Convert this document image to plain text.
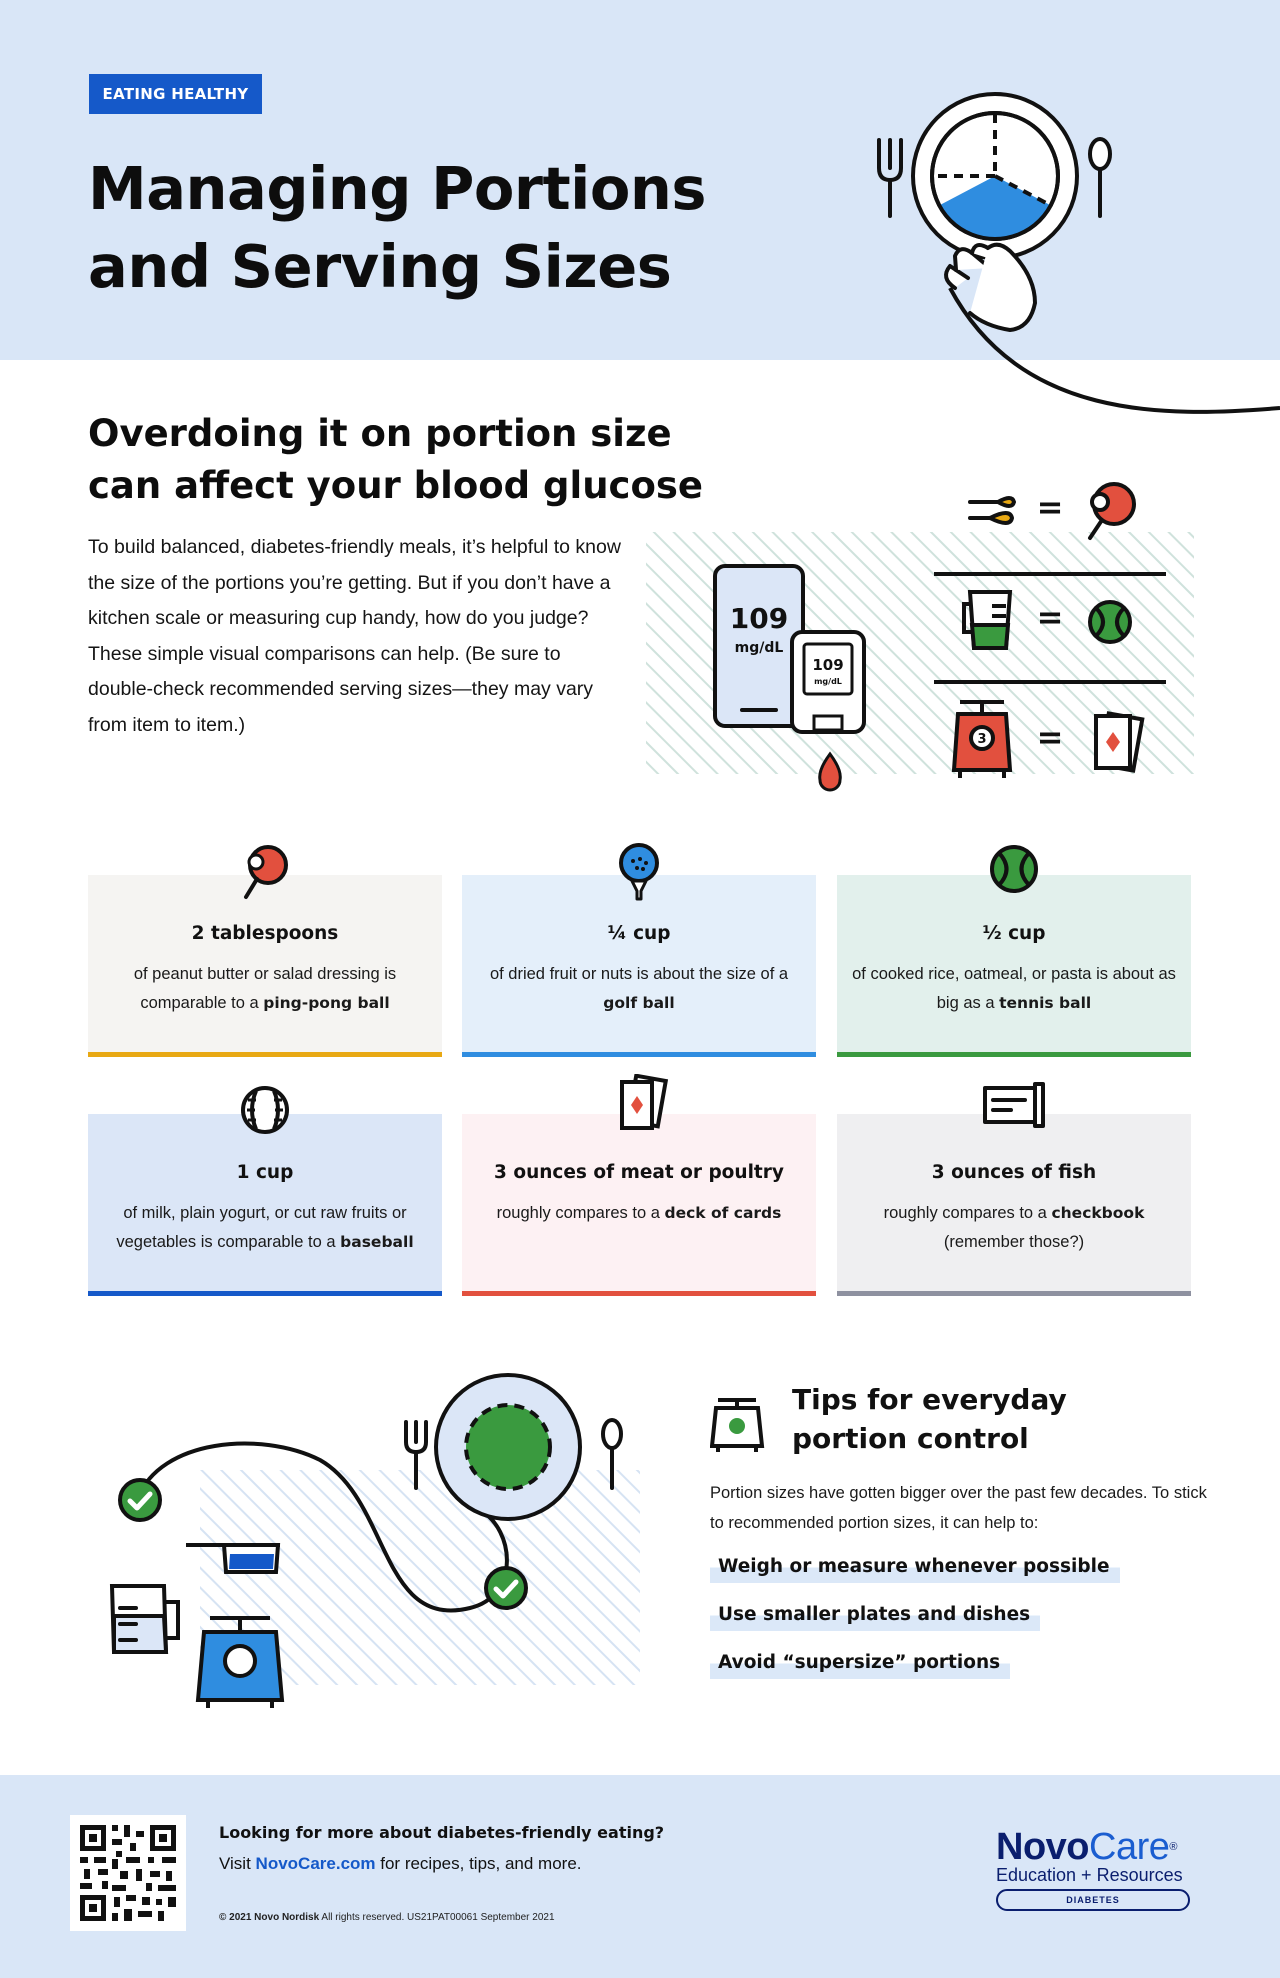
EATING HEALTHY
Managing Portions
and Serving Sizes
Overdoing it on portion size
can affect your blood glucose

To build balanced, diabetes-friendly meals, it’s helpful to know the size of the portions you’re getting. But if you don’t have a kitchen scale or measuring cup handy, how do you judge? These simple visual comparisons can help. (Be sure to double-check recommended serving sizes—they may vary from item to item.)

109
mg/dL
109
mg/dL
=
=
3 =
2 tablespoons
of peanut butter or salad dressing is comparable to a ping-pong ball
¼ cup
of dried fruit or nuts is about the size of a golf ball
½ cup
of cooked rice, oatmeal, or pasta is about as big as a tennis ball
1 cup
of milk, plain yogurt, or cut raw fruits or vegetables is comparable to a baseball
3 ounces of meat or poultry
roughly compares to a deck of cards
3 ounces of fish
roughly compares to a checkbook (remember those?)
Tips for everyday
portion control

Portion sizes have gotten bigger over the past few decades. To stick to recommended portion sizes, it can help to:

Weigh or measure whenever possible
Use smaller plates and dishes
Avoid “supersize” portions
Looking for more about diabetes-friendly eating?
Visit NovoCare.com for recipes, tips, and more.
© 2021 Novo Nordisk All rights reserved. US21PAT00061 September 2021
NovoCare®
Education + Resources
DIABETES
